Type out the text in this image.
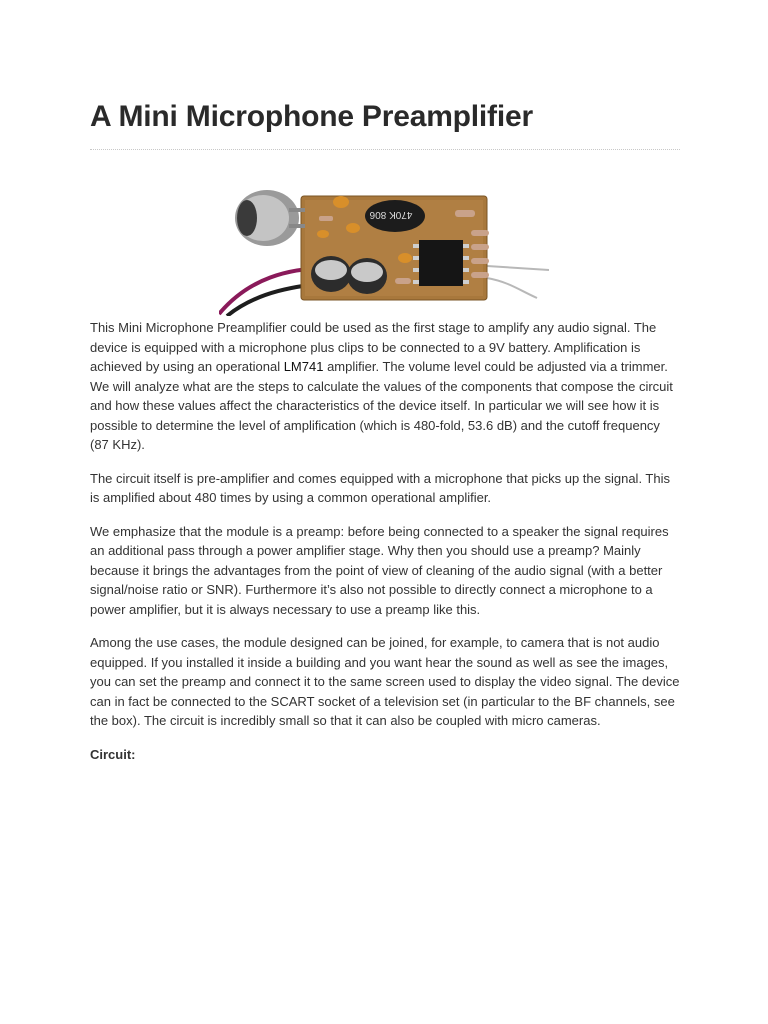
A Mini Microphone Preamplifier
470K 806

This Mini Microphone Preamplifier could be used as the first stage to amplify any audio signal. The device is equipped with a microphone plus clips to be connected to a 9V battery. Amplification is achieved by using an operational LM741 amplifier. The volume level could be adjusted via a trimmer.
We will analyze what are the steps to calculate the values of the components that compose the circuit and how these values affect the characteristics of the device itself. In particular we will see how it is possible to determine the level of amplification (which is 480-fold, 53.6 dB) and the cutoff frequency (87 KHz).

The circuit itself is pre-amplifier and comes equipped with a microphone that picks up the signal. This is amplified about 480 times by using a common operational amplifier.

We emphasize that the module is a preamp: before being connected to a speaker the signal requires an additional pass through a power amplifier stage. Why then you should use a preamp? Mainly because it brings the advantages from the point of view of cleaning of the audio signal (with a better signal/noise ratio or SNR). Furthermore it’s also not possible to directly connect a microphone to a power amplifier, but it is always necessary to use a preamp like this.

Among the use cases, the module designed can be joined, for example, to camera that is not audio equipped. If you installed it inside a building and you want hear the sound as well as see the images, you can set the preamp and connect it to the same screen used to display the video signal. The device can in fact be connected to the SCART socket of a television set (in particular to the BF channels, see the box). The circuit is incredibly small so that it can also be coupled with micro cameras.

Circuit:
